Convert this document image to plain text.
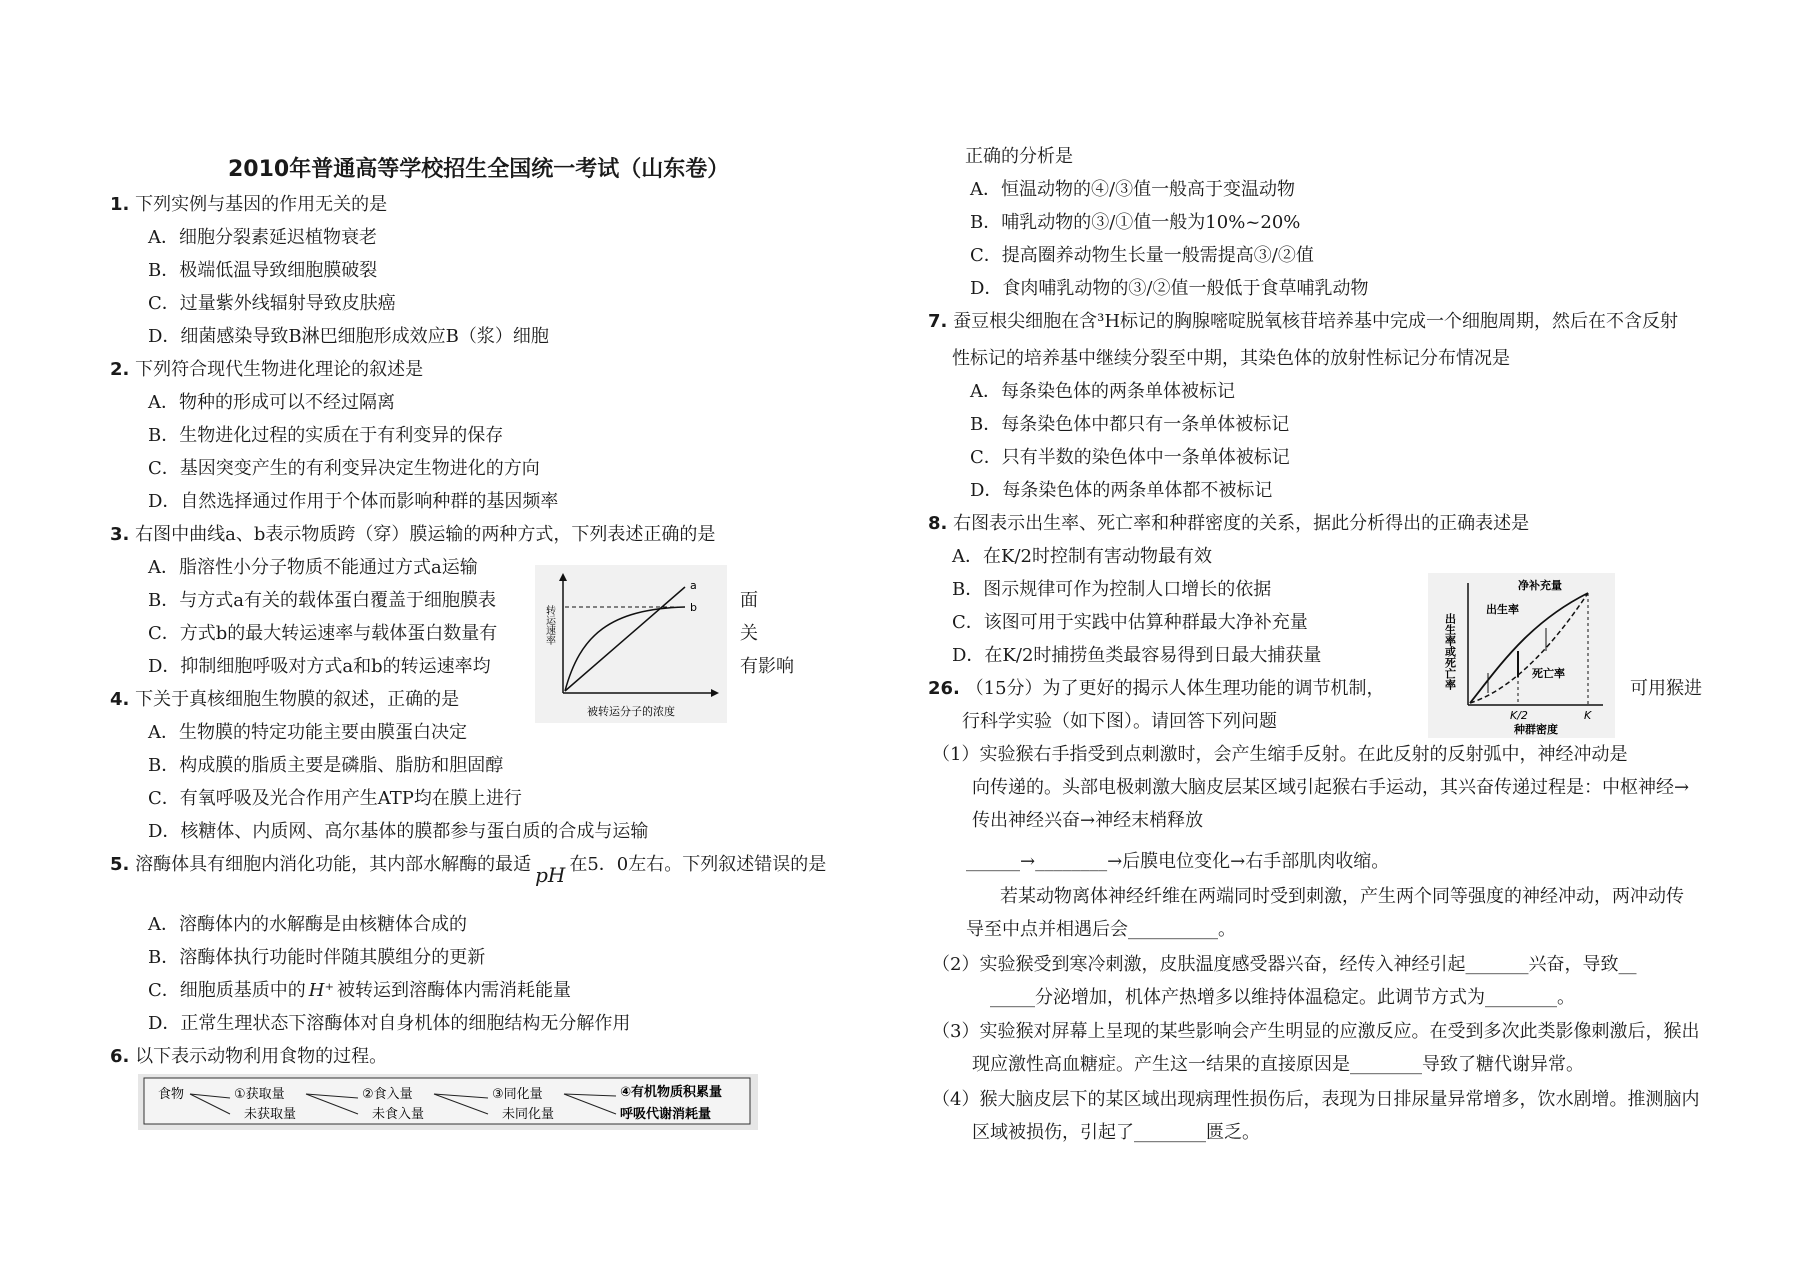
2010年普通高等学校招生全国统一考试（山东卷）
1. 下列实例与基因的作用无关的是
A．细胞分裂素延迟植物衰老
B．极端低温导致细胞膜破裂
C．过量紫外线辐射导致皮肤癌
D．细菌感染导致B淋巴细胞形成效应B（浆）细胞
2. 下列符合现代生物进化理论的叙述是
A．物种的形成可以不经过隔离
B．生物进化过程的实质在于有利变异的保存
C．基因突变产生的有利变异决定生物进化的方向
D．自然选择通过作用于个体而影响种群的基因频率
3. 右图中曲线a、b表示物质跨（穿）膜运输的两种方式，下列表述正确的是
A．脂溶性小分子物质不能通过方式a运输
B．与方式a有关的载体蛋白覆盖于细胞膜表	面
C．方式b的最大转运速率与载体蛋白数量有	关
D．抑制细胞呼吸对方式a和b的转运速率均	有影响
a
b
转运速率
被转运分子的浓度
4. 下关于真核细胞生物膜的叙述，正确的是
A．生物膜的特定功能主要由膜蛋白决定
B．构成膜的脂质主要是磷脂、脂肪和胆固醇
C．有氧呼吸及光合作用产生ATP均在膜上进行
D．核糖体、内质网、高尔基体的膜都参与蛋白质的合成与运输
5. 溶酶体具有细胞内消化功能，其内部水解酶的最适 pH 在5．0左右。下列叙述错误的是
A．溶酶体内的水解酶是由核糖体合成的
B．溶酶体执行功能时伴随其膜组分的更新
C．细胞质基质中的 H⁺ 被转运到溶酶体内需消耗能量
D．正常生理状态下溶酶体对自身机体的细胞结构无分解作用
6. 以下表示动物利用食物的过程。
食物	①获取量
未获取量
②食入量
未食入量
③同化量
未同化量
④有机物质积累量
呼吸代谢消耗量
正确的分析是
A．恒温动物的④/③值一般高于变温动物
B．哺乳动物的③/①值一般为10%~20%
C．提高圈养动物生长量一般需提高③/②值
D．食肉哺乳动物的③/②值一般低于食草哺乳动物
7. 蚕豆根尖细胞在含³H标记的胸腺嘧啶脱氧核苷培养基中完成一个细胞周期，然后在不含反射
性标记的培养基中继续分裂至中期，其染色体的放射性标记分布情况是
A．每条染色体的两条单体被标记
B．每条染色体中都只有一条单体被标记
C．只有半数的染色体中一条单体被标记
D．每条染色体的两条单体都不被标记
8. 右图表示出生率、死亡率和种群密度的关系，据此分析得出的正确表述是
A．在K/2时控制有害动物最有效
B．图示规律可作为控制人口增长的依据
C．该图可用于实践中估算种群最大净补充量
D．在K/2时捕捞鱼类最容易得到日最大捕获量
净补充量
出生率
死亡率
出生率或死亡率
K/2	K
种群密度
26. （15分）为了更好的揭示人体生理功能的调节机制，	可用猴进
行科学实验（如下图）。请回答下列问题
（1）实验猴右手指受到点刺激时，会产生缩手反射。在此反射的反射弧中，神经冲动是
向传递的。头部电极刺激大脑皮层某区域引起猴右手运动，其兴奋传递过程是：中枢神经→
传出神经兴奋→神经末梢释放
______→________→后膜电位变化→右手部肌肉收缩。
若某动物离体神经纤维在两端同时受到刺激，产生两个同等强度的神经冲动，两冲动传
导至中点并相遇后会__________。
（2）实验猴受到寒冷刺激，皮肤温度感受器兴奋，经传入神经引起_______兴奋，导致__
_____分泌增加，机体产热增多以维持体温稳定。此调节方式为________。
（3）实验猴对屏幕上呈现的某些影响会产生明显的应激反应。在受到多次此类影像刺激后，猴出
现应激性高血糖症。产生这一结果的直接原因是________导致了糖代谢异常。
（4）猴大脑皮层下的某区域出现病理性损伤后，表现为日排尿量异常增多，饮水剧增。推测脑内
区域被损伤，引起了________匮乏。
